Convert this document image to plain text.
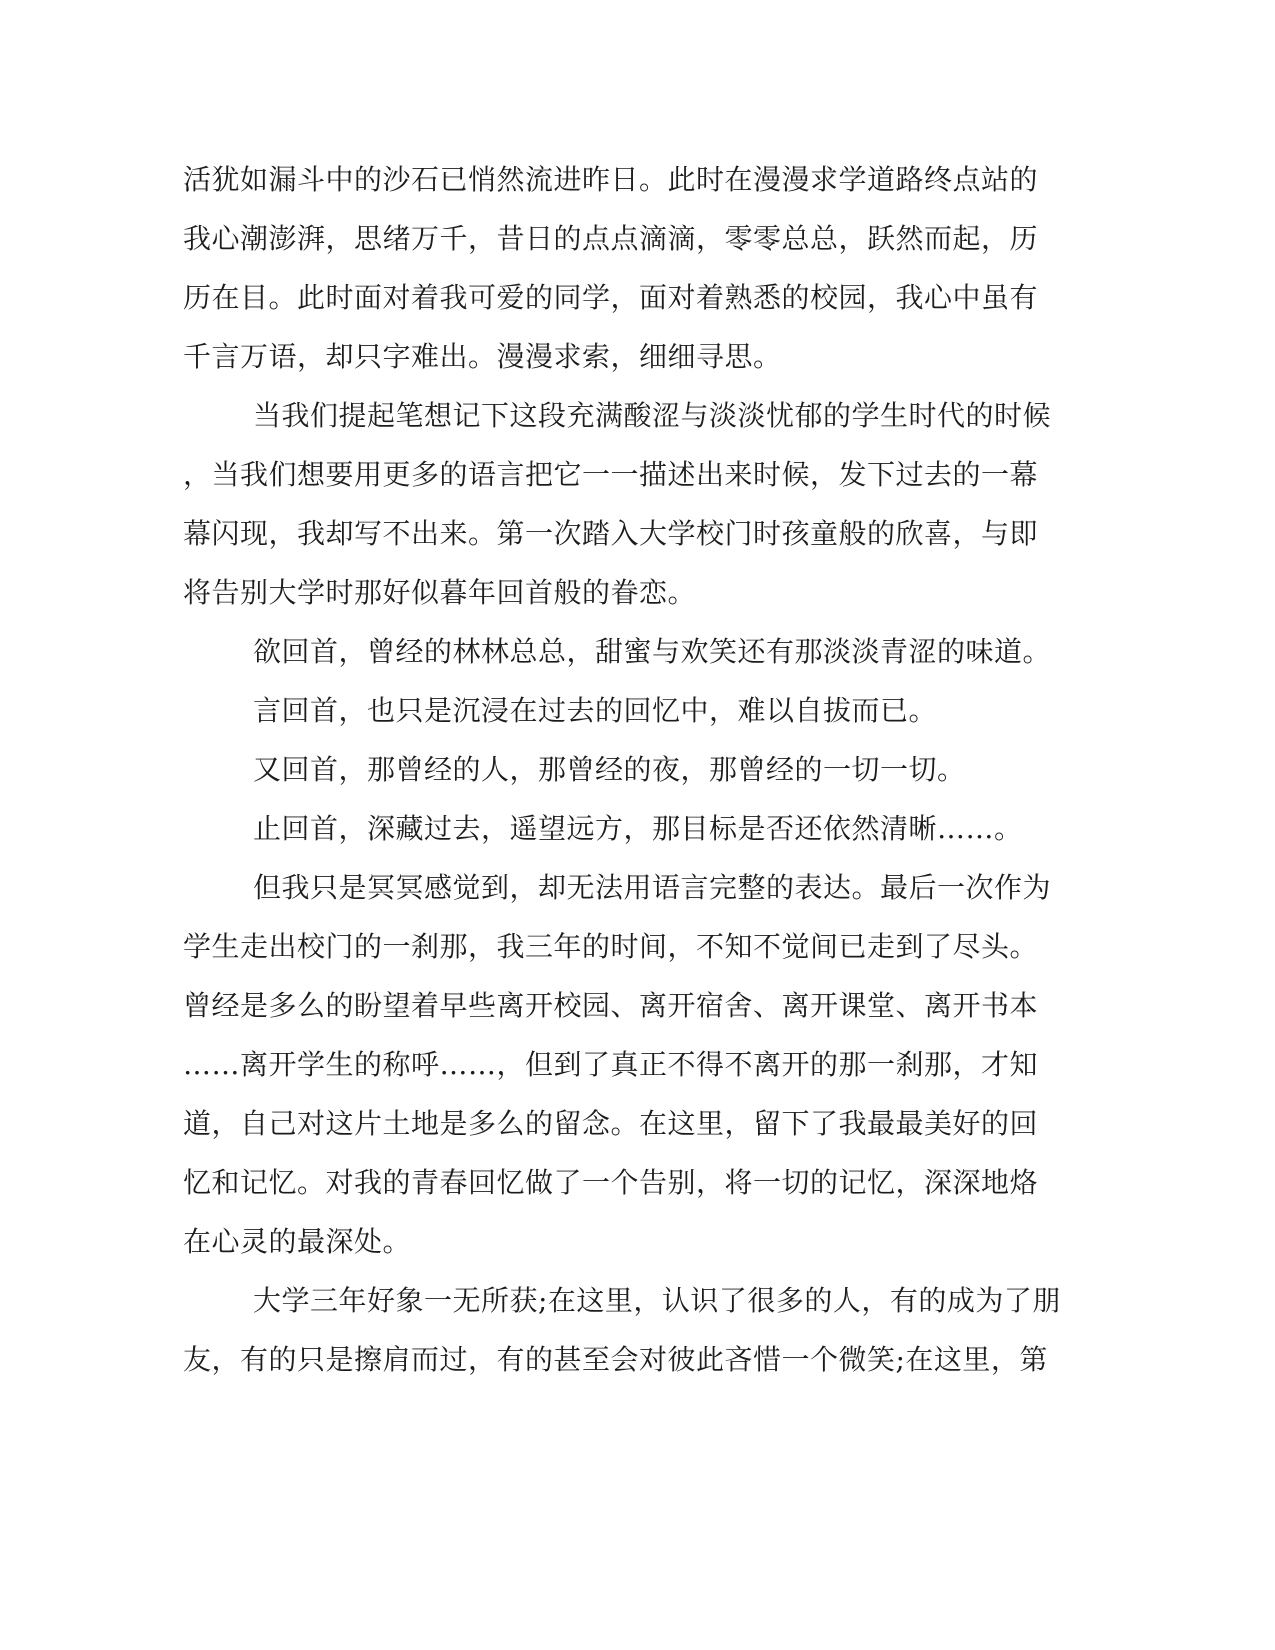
活犹如漏斗中的沙石已悄然流进昨日。此时在漫漫求学道路终点站的

我心潮澎湃，思绪万千，昔日的点点滴滴，零零总总，跃然而起，历

历在目。此时面对着我可爱的同学，面对着熟悉的校园，我心中虽有

千言万语，却只字难出。漫漫求索，细细寻思。

当我们提起笔想记下这段充满酸涩与淡淡忧郁的学生时代的时候

，当我们想要用更多的语言把它一一描述出来时候，发下过去的一幕

幕闪现，我却写不出来。第一次踏入大学校门时孩童般的欣喜，与即

将告别大学时那好似暮年回首般的眷恋。

欲回首，曾经的林林总总，甜蜜与欢笑还有那淡淡青涩的味道。

言回首，也只是沉浸在过去的回忆中，难以自拔而已。

又回首，那曾经的人，那曾经的夜，那曾经的一切一切。

止回首，深藏过去，遥望远方，那目标是否还依然清晰……。

但我只是冥冥感觉到，却无法用语言完整的表达。最后一次作为

学生走出校门的一刹那，我三年的时间，不知不觉间已走到了尽头。

曾经是多么的盼望着早些离开校园、离开宿舍、离开课堂、离开书本

……离开学生的称呼……，但到了真正不得不离开的那一刹那，才知

道，自己对这片土地是多么的留念。在这里，留下了我最最美好的回

忆和记忆。对我的青春回忆做了一个告别，将一切的记忆，深深地烙

在心灵的最深处。

大学三年好象一无所获;在这里，认识了很多的人，有的成为了朋

友，有的只是擦肩而过，有的甚至会对彼此吝惜一个微笑;在这里，第
